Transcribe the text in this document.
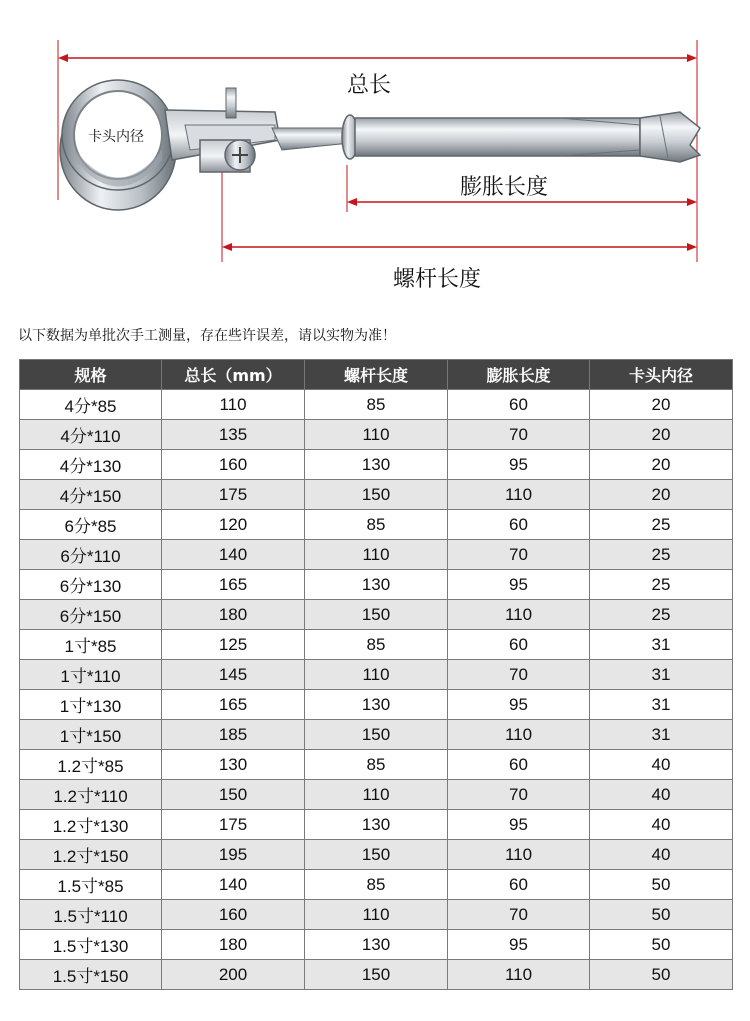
总长
膨胀长度
螺杆长度
卡头内径
以下数据为单批次手工测量，存在些许误差，请以实物为准！
规格	总长（mm）	螺杆长度	膨胀长度	卡头内径
4分*85	110	85	60	20
4分*110	135	110	70	20
4分*130	160	130	95	20
4分*150	175	150	110	20
6分*85	120	85	60	25
6分*110	140	110	70	25
6分*130	165	130	95	25
6分*150	180	150	110	25
1寸*85	125	85	60	31
1寸*110	145	110	70	31
1寸*130	165	130	95	31
1寸*150	185	150	110	31
1.2寸*85	130	85	60	40
1.2寸*110	150	110	70	40
1.2寸*130	175	130	95	40
1.2寸*150	195	150	110	40
1.5寸*85	140	85	60	50
1.5寸*110	160	110	70	50
1.5寸*130	180	130	95	50
1.5寸*150	200	150	110	50
